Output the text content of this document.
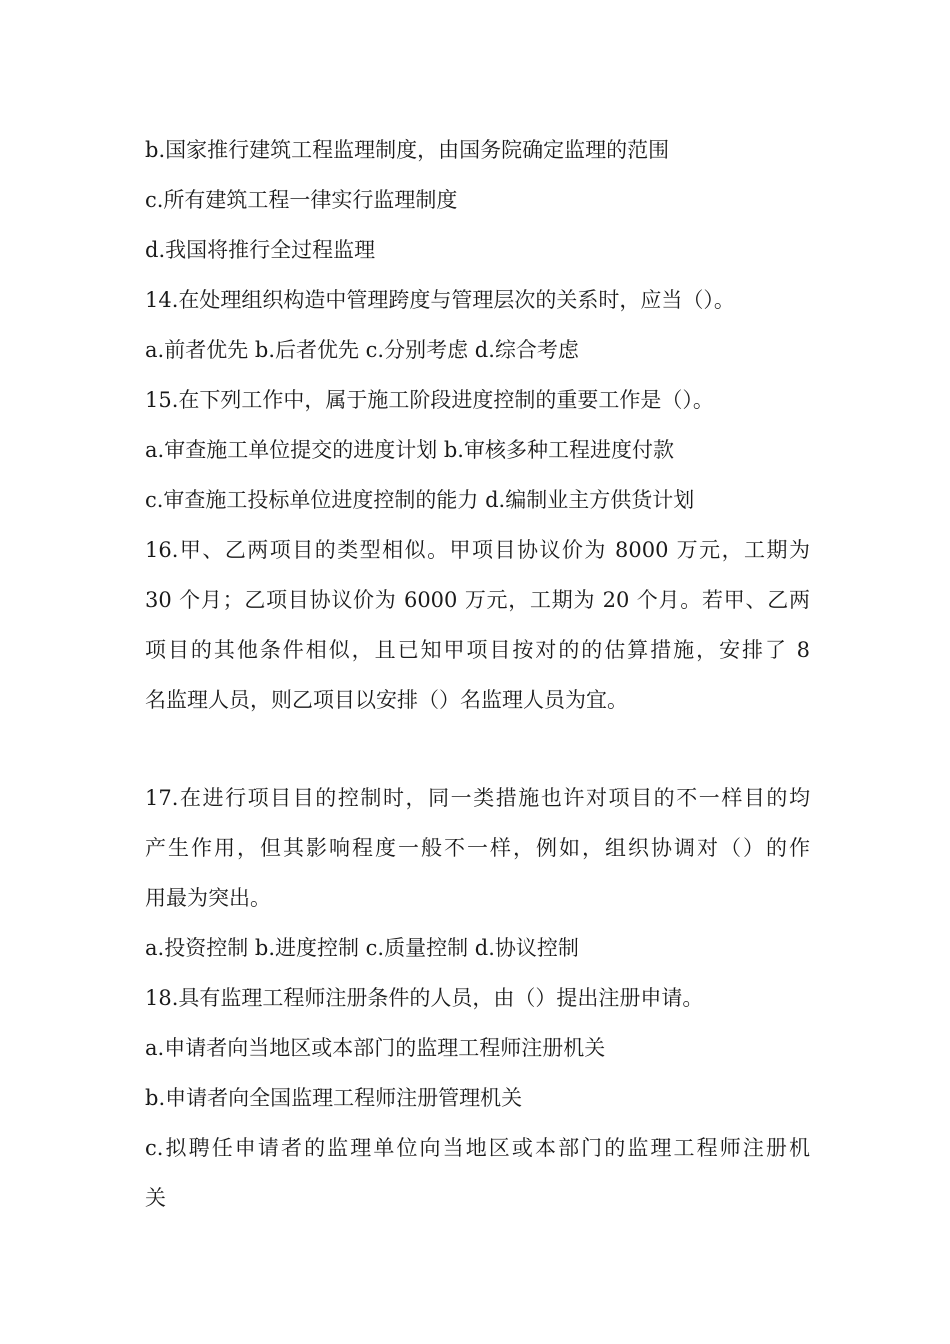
b.国家推行建筑工程监理制度，由国务院确定监理的范围
c.所有建筑工程一律实行监理制度
d.我国将推行全过程监理
14.在处理组织构造中管理跨度与管理层次的关系时，应当（）。
a.前者优先 b.后者优先 c.分别考虑 d.综合考虑
15.在下列工作中，属于施工阶段进度控制的重要工作是（）。
a.审查施工单位提交的进度计划 b.审核多种工程进度付款
c.审查施工投标单位进度控制的能力 d.编制业主方供货计划
16.甲、乙两项目的类型相似。甲项目协议价为 8000 万元，工期为
30 个月；乙项目协议价为 6000 万元，工期为 20 个月。若甲、乙两
项目的其他条件相似，且已知甲项目按对的的估算措施，安排了 8
名监理人员，则乙项目以安排（）名监理人员为宜。
17.在进行项目目的控制时，同一类措施也许对项目的不一样目的均
产生作用，但其影响程度一般不一样，例如，组织协调对（）的作
用最为突出。
a.投资控制 b.进度控制 c.质量控制 d.协议控制
18.具有监理工程师注册条件的人员，由（）提出注册申请。
a.申请者向当地区或本部门的监理工程师注册机关
b.申请者向全国监理工程师注册管理机关
c.拟聘任申请者的监理单位向当地区或本部门的监理工程师注册机
关
